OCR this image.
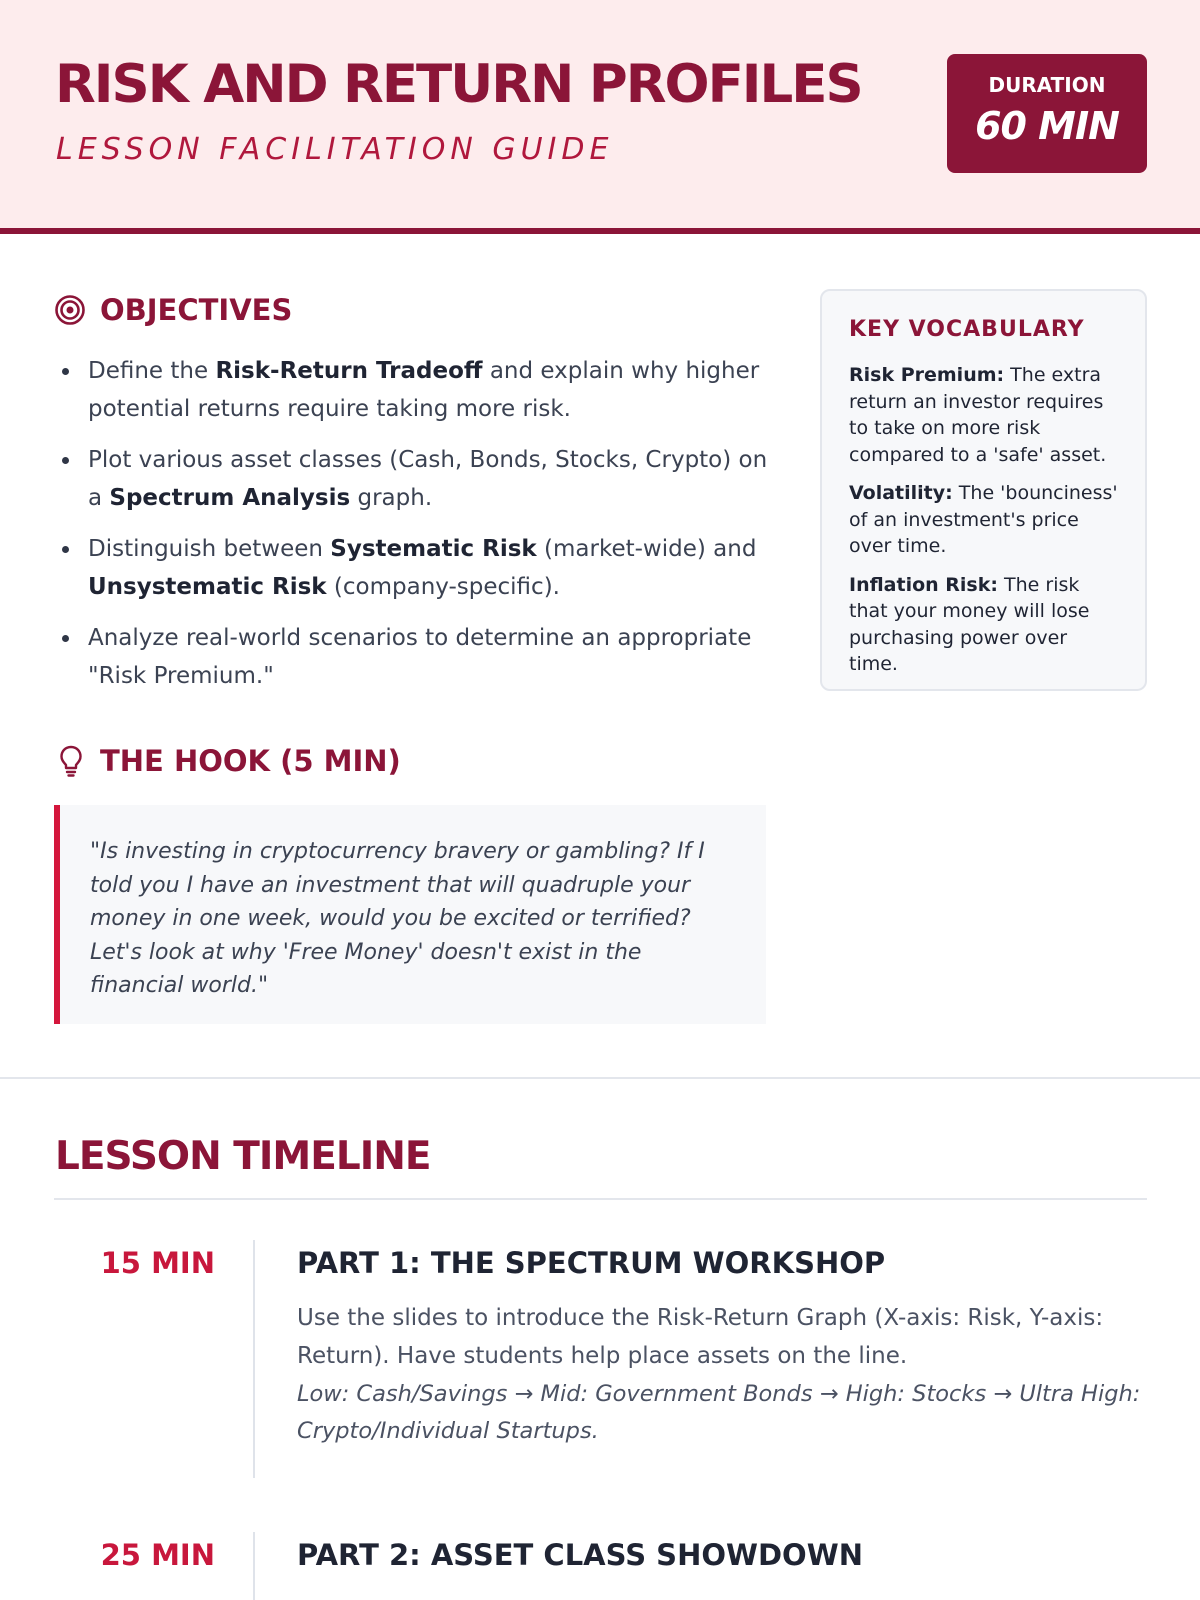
RISK AND RETURN PROFILES
LESSON FACILITATION GUIDE
DURATION
60 MIN
OBJECTIVES
Define the Risk-Return Tradeoff and explain why higher potential returns require taking more risk.
Plot various asset classes (Cash, Bonds, Stocks, Crypto) on a Spectrum Analysis graph.
Distinguish between Systematic Risk (market-wide) and Unsystematic Risk (company-specific).
Analyze real-world scenarios to determine an appropriate "Risk Premium."
KEY VOCABULARY
Risk Premium: The extra return an investor requires to take on more risk compared to a 'safe' asset.
Volatility: The 'bounciness' of an investment's price over time.
Inflation Risk: The risk that your money will lose purchasing power over time.
THE HOOK (5 MIN)
"Is investing in cryptocurrency bravery or gambling? If I told you I have an investment that will quadruple your money in one week, would you be excited or terrified? Let's look at why 'Free Money' doesn't exist in the financial world."
LESSON TIMELINE
15 MIN	PART 1: THE SPECTRUM WORKSHOP
Use the slides to introduce the Risk-Return Graph (X-axis: Risk, Y-axis: Return). Have students help place assets on the line.
Low: Cash/Savings → Mid: Government Bonds → High: Stocks → Ultra High: Crypto/Individual Startups.
25 MIN	PART 2: ASSET CLASS SHOWDOWN
